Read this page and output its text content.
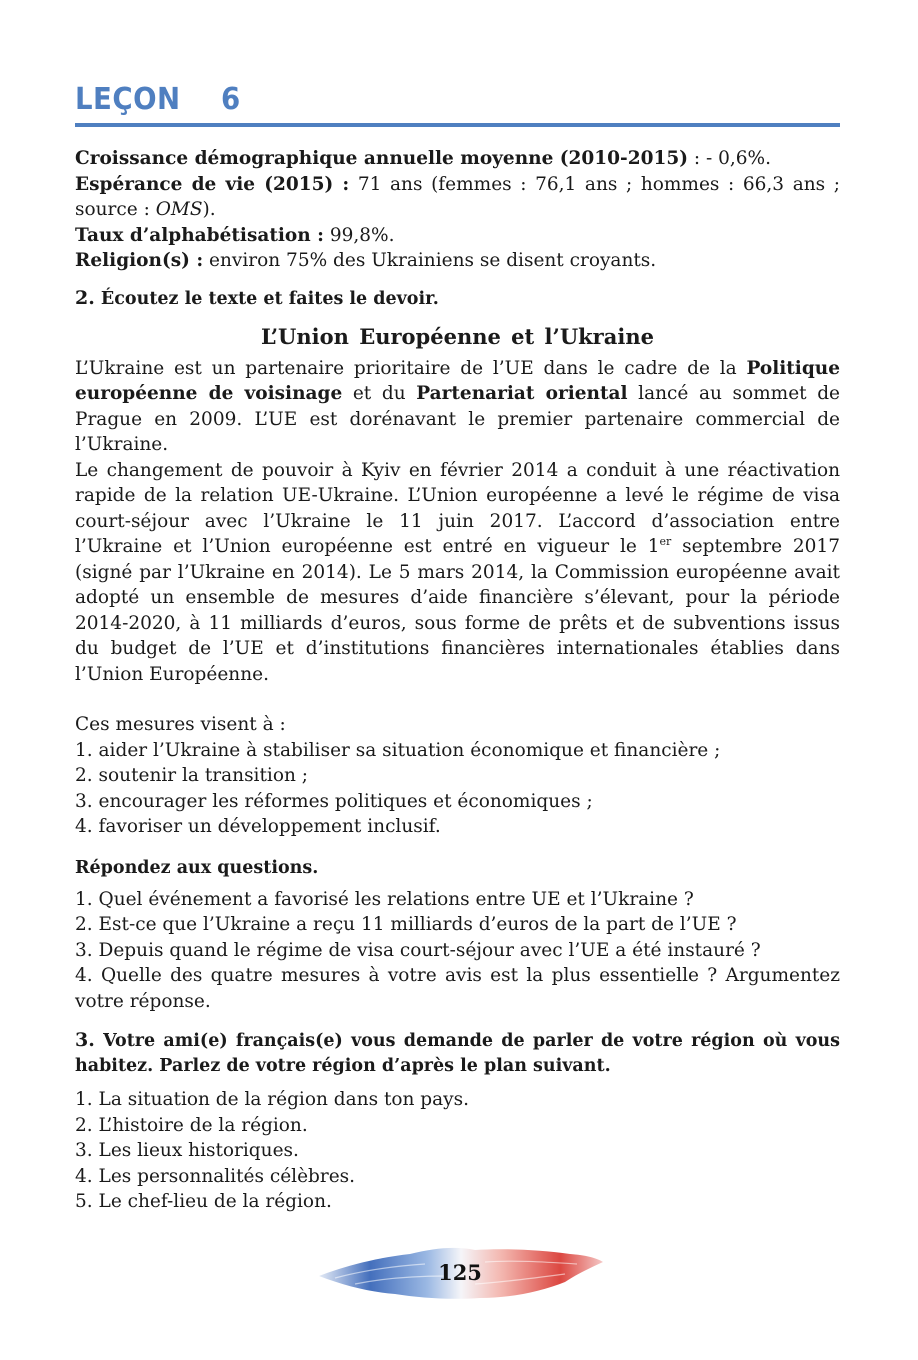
LEÇON 6

Croissance démographique annuelle moyenne (2010-2015) : - 0,6%.

Espérance de vie (2015) : 71 ans (femmes : 76,1 ans ; hommes : 66,3 ans ; source : OMS).

Taux d’alphabétisation : 99,8%.

Religion(s) : environ 75% des Ukrainiens se disent croyants.

2. Écoutez le texte et faites le devoir.

L’Union Européenne et l’Ukraine

L’Ukraine est un partenaire prioritaire de l’UE dans le cadre de la Politique européenne de voisinage et du Partenariat oriental lancé au sommet de Prague en 2009. L’UE est dorénavant le premier partenaire commercial de l’Ukraine.

Le changement de pouvoir à Kyiv en février 2014 a conduit à une réactivation rapide de la relation UE-Ukraine. L’Union européenne a levé le régime de visa court-séjour avec l’Ukraine le 11 juin 2017. L’accord d’association entre l’Ukraine et l’Union européenne est entré en vigueur le 1er septembre 2017 (signé par l’Ukraine en 2014). Le 5 mars 2014, la Commission européenne avait adopté un ensemble de mesures d’aide financière s’élevant, pour la période 2014-2020, à 11 milliards d’euros, sous forme de prêts et de subventions issus du budget de l’UE et d’institutions financières internationales établies dans l’Union Européenne.

Ces mesures visent à :

1. aider l’Ukraine à stabiliser sa situation économique et financière ;
2. soutenir la transition ;
3. encourager les réformes politiques et économiques ;
4. favoriser un développement inclusif.

Répondez aux questions.

1. Quel événement a favorisé les relations entre UE et l’Ukraine ?
2. Est-ce que l’Ukraine a reçu 11 milliards d’euros de la part de l’UE ?
3. Depuis quand le régime de visa court-séjour avec l’UE a été instauré ?
4. Quelle des quatre mesures à votre avis est la plus essentielle ? Argumentez votre réponse.

3. Votre ami(e) français(e) vous demande de parler de votre région où vous habitez. Parlez de votre région d’après le plan suivant.

1. La situation de la région dans ton pays.
2. L’histoire de la région.
3. Les lieux historiques.
4. Les personnalités célèbres.
5. Le chef-lieu de la région.
125
